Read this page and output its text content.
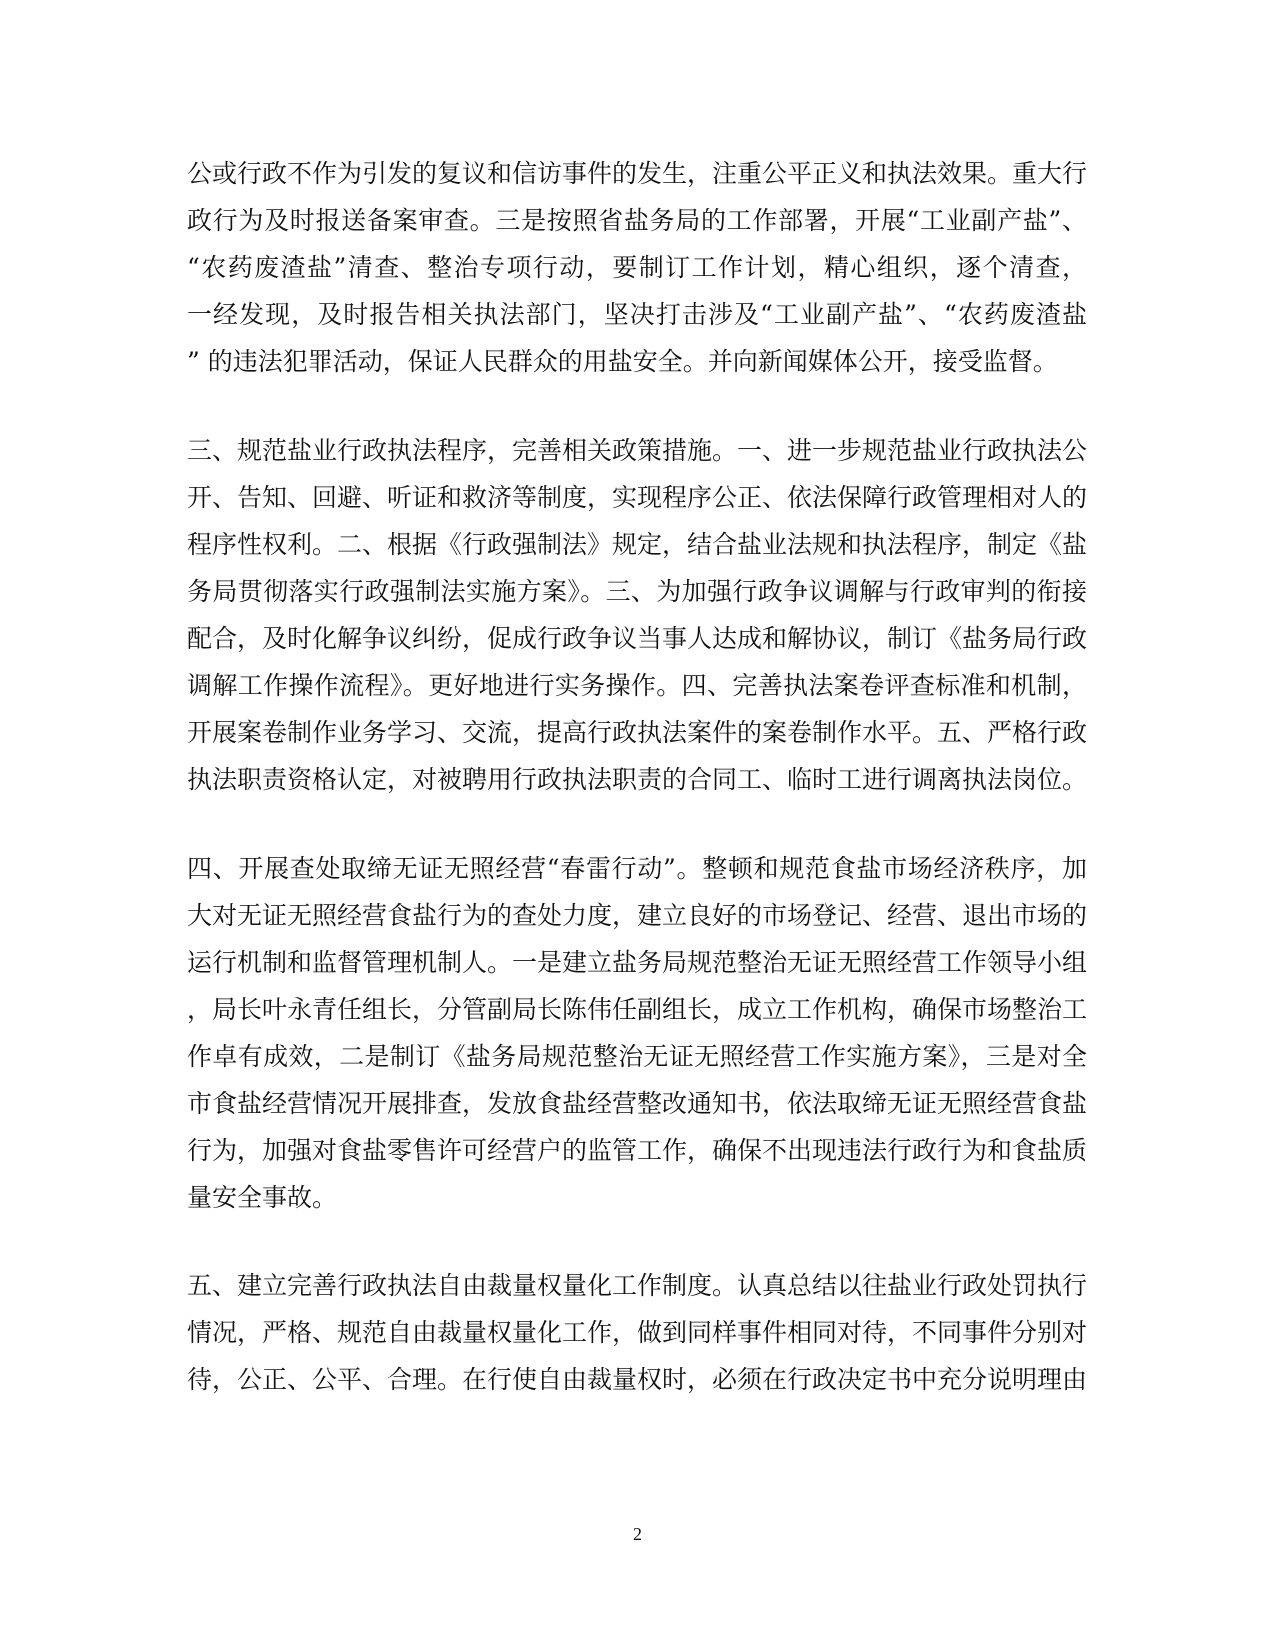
公或行政不作为引发的复议和信访事件的发生，注重公平正义和执法效果。重大行
政行为及时报送备案审查。三是按照省盐务局的工作部署，开展“工业副产盐”、
“农药废渣盐”清查、整治专项行动，要制订工作计划，精心组织，逐个清查，
一经发现，及时报告相关执法部门，坚决打击涉及“工业副产盐”、“农药废渣盐
” 的违法犯罪活动，保证人民群众的用盐安全。并向新闻媒体公开，接受监督。
三、规范盐业行政执法程序，完善相关政策措施。一、进一步规范盐业行政执法公
开、告知、回避、听证和救济等制度，实现程序公正、依法保障行政管理相对人的
程序性权利。二、根据《行政强制法》规定，结合盐业法规和执法程序，制定《盐
务局贯彻落实行政强制法实施方案》。三、为加强行政争议调解与行政审判的衔接
配合，及时化解争议纠纷，促成行政争议当事人达成和解协议，制订《盐务局行政
调解工作操作流程》。更好地进行实务操作。四、完善执法案卷评查标准和机制，
开展案卷制作业务学习、交流，提高行政执法案件的案卷制作水平。五、严格行政
执法职责资格认定，对被聘用行政执法职责的合同工、临时工进行调离执法岗位。
四、开展查处取缔无证无照经营“春雷行动”。整顿和规范食盐市场经济秩序，加
大对无证无照经营食盐行为的查处力度，建立良好的市场登记、经营、退出市场的
运行机制和监督管理机制人。一是建立盐务局规范整治无证无照经营工作领导小组
，局长叶永青任组长，分管副局长陈伟任副组长，成立工作机构，确保市场整治工
作卓有成效，二是制订《盐务局规范整治无证无照经营工作实施方案》，三是对全
市食盐经营情况开展排查，发放食盐经营整改通知书，依法取缔无证无照经营食盐
行为，加强对食盐零售许可经营户的监管工作，确保不出现违法行政行为和食盐质
量安全事故。
五、建立完善行政执法自由裁量权量化工作制度。认真总结以往盐业行政处罚执行
情况，严格、规范自由裁量权量化工作，做到同样事件相同对待，不同事件分别对
待，公正、公平、合理。在行使自由裁量权时，必须在行政决定书中充分说明理由
2
